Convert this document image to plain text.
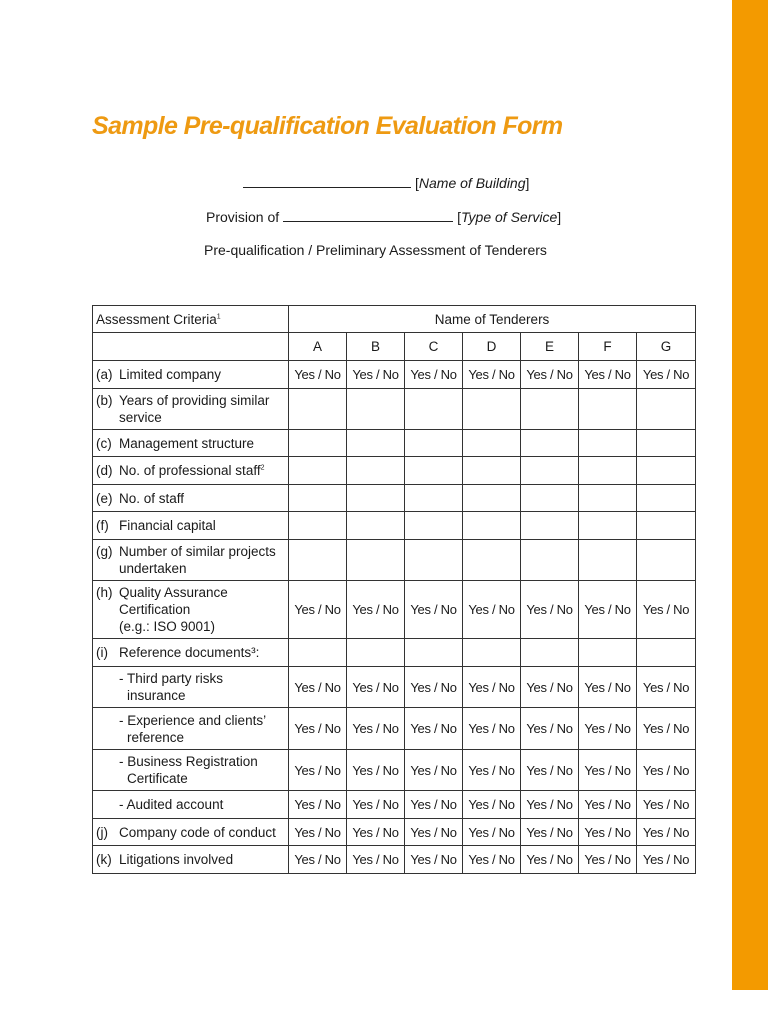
Sample Pre-qualification Evaluation Form
[Name of Building]
Provision of	[Type of Service]
Pre-qualification / Preliminary Assessment of Tenderers
Assessment Criteria$^1$	Name of Tenderers						
	A	B	C	D	E	F	G

(a) Limited company	Yes / No	Yes / No	Yes / No	Yes / No	Yes / No	Yes / No	Yes / No

(b) Years of providing similar
service							

(c) Management structure							

(d) No. of professional staff$^2$

(e) No. of staff							

(f) Financial capital							

(g) Number of similar projects
undertaken							

(h) Quality Assurance
Certification
(e.g.: ISO 9001)	Yes / No	Yes / No	Yes / No	Yes / No	Yes / No	Yes / No	Yes / No

(i) Reference documents³:							

- Third party risks
insurance	Yes / No	Yes / No	Yes / No	Yes / No	Yes / No	Yes / No	Yes / No

- Experience and clients’
reference	Yes / No	Yes / No	Yes / No	Yes / No	Yes / No	Yes / No	Yes / No

- Business Registration
Certificate	Yes / No	Yes / No	Yes / No	Yes / No	Yes / No	Yes / No	Yes / No

- Audited account	Yes / No	Yes / No	Yes / No	Yes / No	Yes / No	Yes / No	Yes / No

(j) Company code of conduct	Yes / No	Yes / No	Yes / No	Yes / No	Yes / No	Yes / No	Yes / No

(k) Litigations involved	Yes / No	Yes / No	Yes / No	Yes / No	Yes / No	Yes / No	Yes / No
